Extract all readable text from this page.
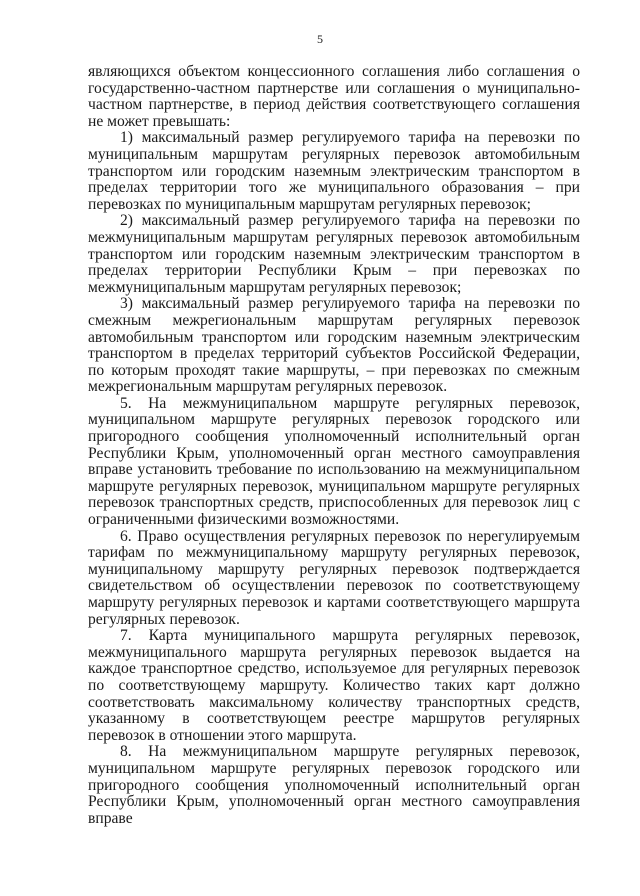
5

являющихся объектом концессионного соглашения либо соглашения о государственно-частном партнерстве или соглашения о муниципально-частном партнерстве, в период действия соответствующего соглашения не может превышать:

1) максимальный размер регулируемого тарифа на перевозки по муниципальным маршрутам регулярных перевозок автомобильным транспортом или городским наземным электрическим транспортом в пределах территории того же муниципального образования – при перевозках по муниципальным маршрутам регулярных перевозок;

2) максимальный размер регулируемого тарифа на перевозки по межмуниципальным маршрутам регулярных перевозок автомобильным транспортом или городским наземным электрическим транспортом в пределах территории Республики Крым – при перевозках по межмуниципальным маршрутам регулярных перевозок;

3) максимальный размер регулируемого тарифа на перевозки по смежным межрегиональным маршрутам регулярных перевозок автомобильным транспортом или городским наземным электрическим транспортом в пределах территорий субъектов Российской Федерации, по которым проходят такие маршруты, – при перевозках по смежным межрегиональным маршрутам регулярных перевозок.

5. На межмуниципальном маршруте регулярных перевозок, муниципальном маршруте регулярных перевозок городского или пригородного сообщения уполномоченный исполнительный орган Республики Крым, уполномоченный орган местного самоуправления вправе установить требование по использованию на межмуниципальном маршруте регулярных перевозок, муниципальном маршруте регулярных перевозок транспортных средств, приспособленных для перевозок лиц с ограниченными физическими возможностями.

6. Право осуществления регулярных перевозок по нерегулируемым тарифам по межмуниципальному маршруту регулярных перевозок, муниципальному маршруту регулярных перевозок подтверждается свидетельством об осуществлении перевозок по соответствующему маршруту регулярных перевозок и картами соответствующего маршрута регулярных перевозок.

7. Карта муниципального маршрута регулярных перевозок, межмуниципального маршрута регулярных перевозок выдается на каждое транспортное средство, используемое для регулярных перевозок по соответствующему маршруту. Количество таких карт должно соответствовать максимальному количеству транспортных средств, указанному в соответствующем реестре маршрутов регулярных перевозок в отношении этого маршрута.

8. На межмуниципальном маршруте регулярных перевозок, муниципальном маршруте регулярных перевозок городского или пригородного сообщения уполномоченный исполнительный орган Республики Крым, уполномоченный орган местного самоуправления вправе
